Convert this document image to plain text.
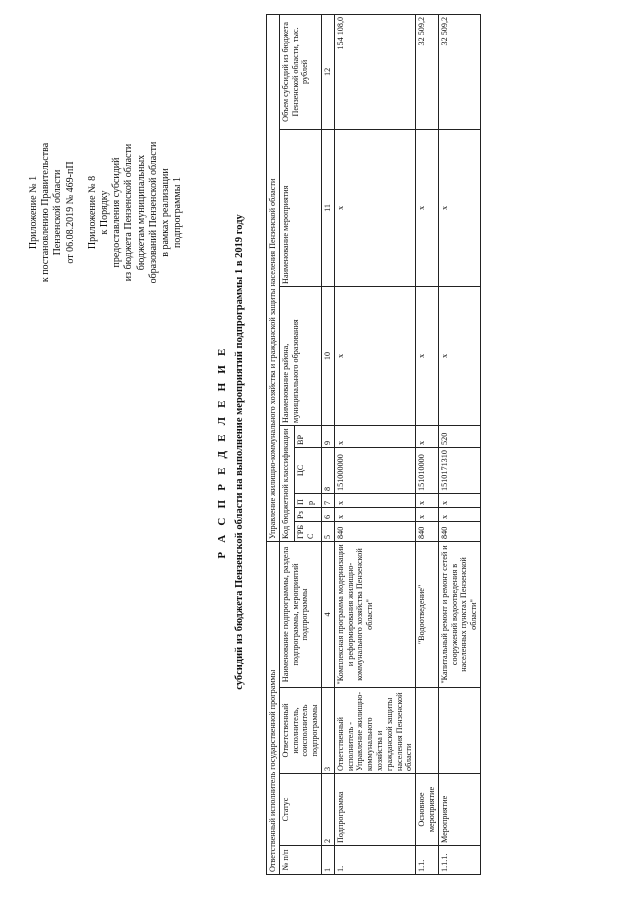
Приложение № 1 к постановлению Правительства Пензенской области от 06.08.2019 № 469-пП Приложение № 8 к Порядку предоставления субсидий из бюджета Пензенской области бюджетам муниципальных образований Пензенской области в рамках реализации подпрограммы 1
Р А С П Р Е Д Е Л Е Н И Е субсидий из бюджета Пензенской области на выполнение мероприятий подпрограммы 1 в 2019 году
Ответственный исполнитель государственной программы				Управление жилищно-коммунального хозяйства и гражданской защиты населения Пензенской области							
№ п/п	Статус	Ответственный исполнитель, соисполнитель подпрограммы	Наименование подпрограммы, раздела подпрограммы, мероприятий подпрограммы	Код бюджетной классификации					Наименование района, муниципального образования	Наименование мероприятия	Объем субсидий из бюджета Пензенской области, тыс. рублей
				ГРБС	Рз	Пр	ЦС	ВР			
1	2	3	4	5	6	7	8	9	10	11	12
1.	Подпрограмма	Ответственный исполнитель - Управление жилищно-коммунального хозяйства и гражданской защиты населения Пензенской области	"Комплексная программа модернизации и реформирования жилищно-коммунального хозяйства Пензенской области"	840	х	х	151000000	х	х	х	154 108,0
1.1.	Основное мероприятие		"Водоотведение"	840	х	х	151010000	х	х	х	32 509,2
1.1.1.	Мероприятие		"Капитальный ремонт и ремонт сетей и сооружений водоотведения в населенных пунктах Пензенской области"	840	х	х	1510171310	520	х	х	32 509,2
